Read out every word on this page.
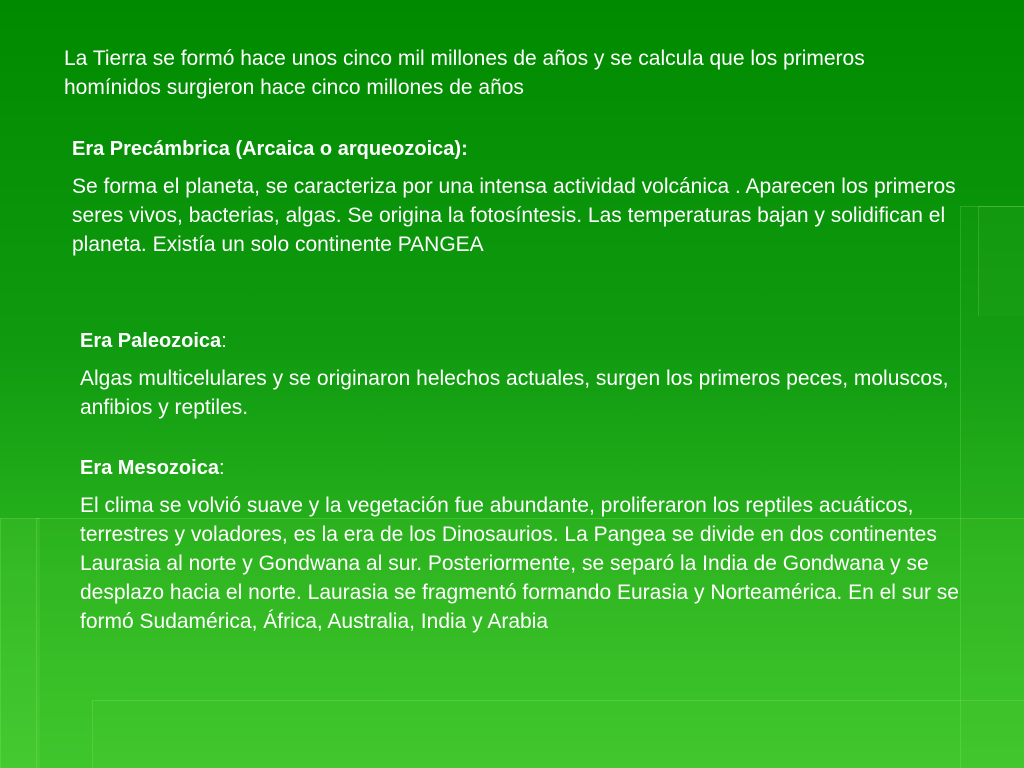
La Tierra se formó hace unos cinco mil millones de años y se calcula que los primeros homínidos surgieron hace cinco millones de años

Era Precámbrica (Arcaica o arqueozoica):

Se forma el planeta, se caracteriza por una intensa actividad volcánica . Aparecen los primeros seres vivos, bacterias, algas. Se origina la fotosíntesis. Las temperaturas bajan y solidifican el planeta. Existía un solo continente PANGEA

Era Paleozoica:

Algas multicelulares y se originaron helechos actuales, surgen los primeros peces, moluscos, anfibios y reptiles.

Era Mesozoica:

El clima se volvió suave y la vegetación fue abundante, proliferaron los reptiles acuáticos, terrestres y voladores, es la era de los Dinosaurios. La Pangea se divide en dos continentes Laurasia al norte y Gondwana al sur. Posteriormente, se separó la India de Gondwana y se desplazo hacia el norte. Laurasia se fragmentó formando Eurasia y Norteamérica. En el sur se formó Sudamérica, África, Australia, India y Arabia
